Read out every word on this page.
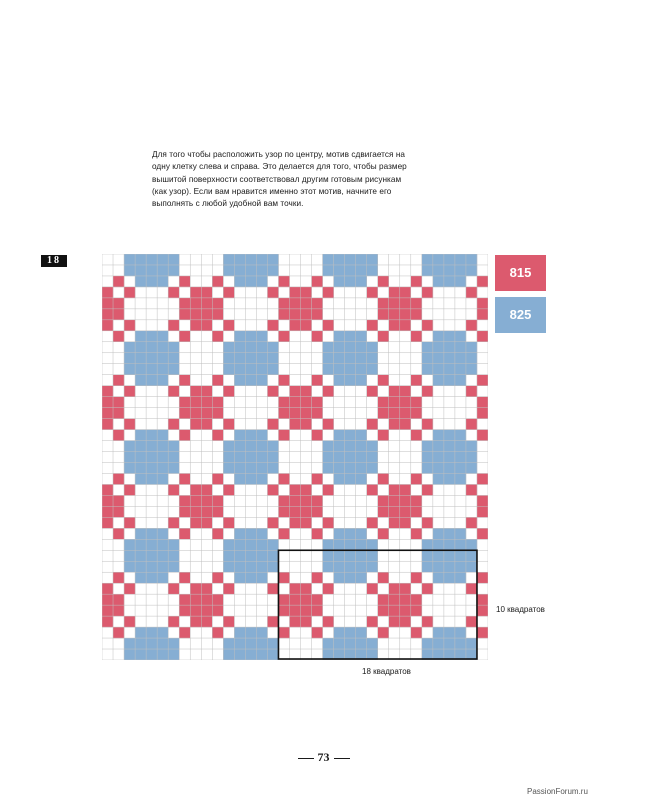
Для того чтобы расположить узор по центру, мотив сдвигается на одну клетку слева и справа. Это делается для того, чтобы размер вышитой поверхности соответствовал другим готовым рисункам (как узор). Если вам нравится именно этот мотив, начните его выполнять с любой удобной вам точки.

18
815
825
10 квадратов
18 квадратов
73
PassionForum.ru
